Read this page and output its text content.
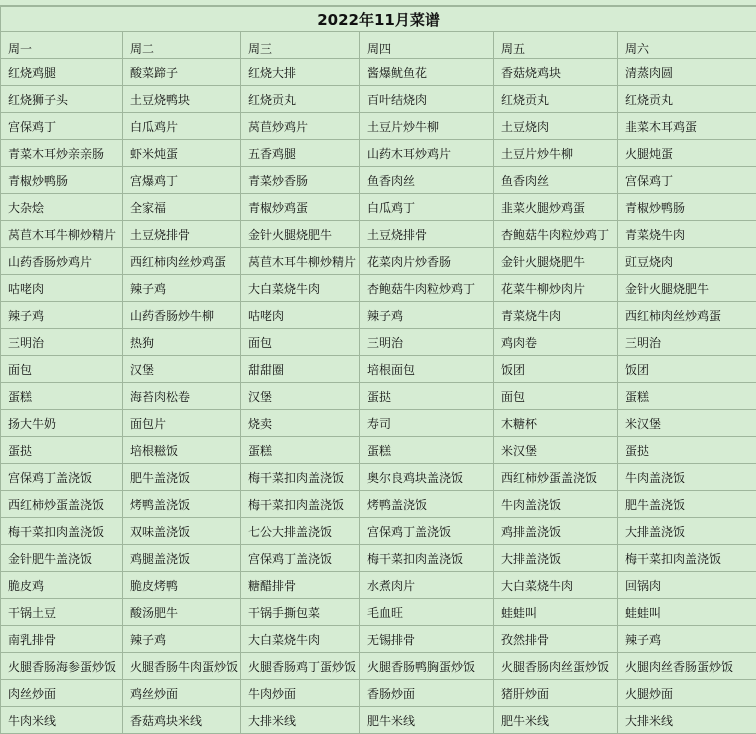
2022年11月菜谱					
周一	周二	周三	周四	周五	周六
红烧鸡腿	酸菜蹄子	红烧大排	酱爆鱿鱼花	香菇烧鸡块	清蒸肉圆
红烧狮子头	土豆烧鸭块	红烧贡丸	百叶结烧肉	红烧贡丸	红烧贡丸
宫保鸡丁	白瓜鸡片	莴苣炒鸡片	土豆片炒牛柳	土豆烧肉	韭菜木耳鸡蛋
青菜木耳炒亲亲肠	虾米炖蛋	五香鸡腿	山药木耳炒鸡片	土豆片炒牛柳	火腿炖蛋
青椒炒鸭肠	宫爆鸡丁	青菜炒香肠	鱼香肉丝	鱼香肉丝	宫保鸡丁
大杂烩	全家福	青椒炒鸡蛋	白瓜鸡丁	韭菜火腿炒鸡蛋	青椒炒鸭肠
莴苣木耳牛柳炒精片	土豆烧排骨	金针火腿烧肥牛	土豆烧排骨	杏鲍菇牛肉粒炒鸡丁	青菜烧牛肉
山药香肠炒鸡片	西红柿肉丝炒鸡蛋	莴苣木耳牛柳炒精片	花菜肉片炒香肠	金针火腿烧肥牛	豇豆烧肉
咕咾肉	辣子鸡	大白菜烧牛肉	杏鲍菇牛肉粒炒鸡丁	花菜牛柳炒肉片	金针火腿烧肥牛
辣子鸡	山药香肠炒牛柳	咕咾肉	辣子鸡	青菜烧牛肉	西红柿肉丝炒鸡蛋
三明治	热狗	面包	三明治	鸡肉卷	三明治
面包	汉堡	甜甜圈	培根面包	饭团	饭团
蛋糕	海苔肉松卷	汉堡	蛋挞	面包	蛋糕
扬大牛奶	面包片	烧卖	寿司	木糖杯	米汉堡
蛋挞	培根糍饭	蛋糕	蛋糕	米汉堡	蛋挞
宫保鸡丁盖浇饭	肥牛盖浇饭	梅干菜扣肉盖浇饭	奥尔良鸡块盖浇饭	西红柿炒蛋盖浇饭	牛肉盖浇饭
西红柿炒蛋盖浇饭	烤鸭盖浇饭	梅干菜扣肉盖浇饭	烤鸭盖浇饭	牛肉盖浇饭	肥牛盖浇饭
梅干菜扣肉盖浇饭	双味盖浇饭	七公大排盖浇饭	宫保鸡丁盖浇饭	鸡排盖浇饭	大排盖浇饭
金针肥牛盖浇饭	鸡腿盖浇饭	宫保鸡丁盖浇饭	梅干菜扣肉盖浇饭	大排盖浇饭	梅干菜扣肉盖浇饭
脆皮鸡	脆皮烤鸭	糖醋排骨	水煮肉片	大白菜烧牛肉	回锅肉
干锅土豆	酸汤肥牛	干锅手撕包菜	毛血旺	蛙蛙叫	蛙蛙叫
南乳排骨	辣子鸡	大白菜烧牛肉	无锡排骨	孜然排骨	辣子鸡
火腿香肠海参蛋炒饭	火腿香肠牛肉蛋炒饭	火腿香肠鸡丁蛋炒饭	火腿香肠鸭胸蛋炒饭	火腿香肠肉丝蛋炒饭	火腿肉丝香肠蛋炒饭
肉丝炒面	鸡丝炒面	牛肉炒面	香肠炒面	猪肝炒面	火腿炒面
牛肉米线	香菇鸡块米线	大排米线	肥牛米线	肥牛米线	大排米线
